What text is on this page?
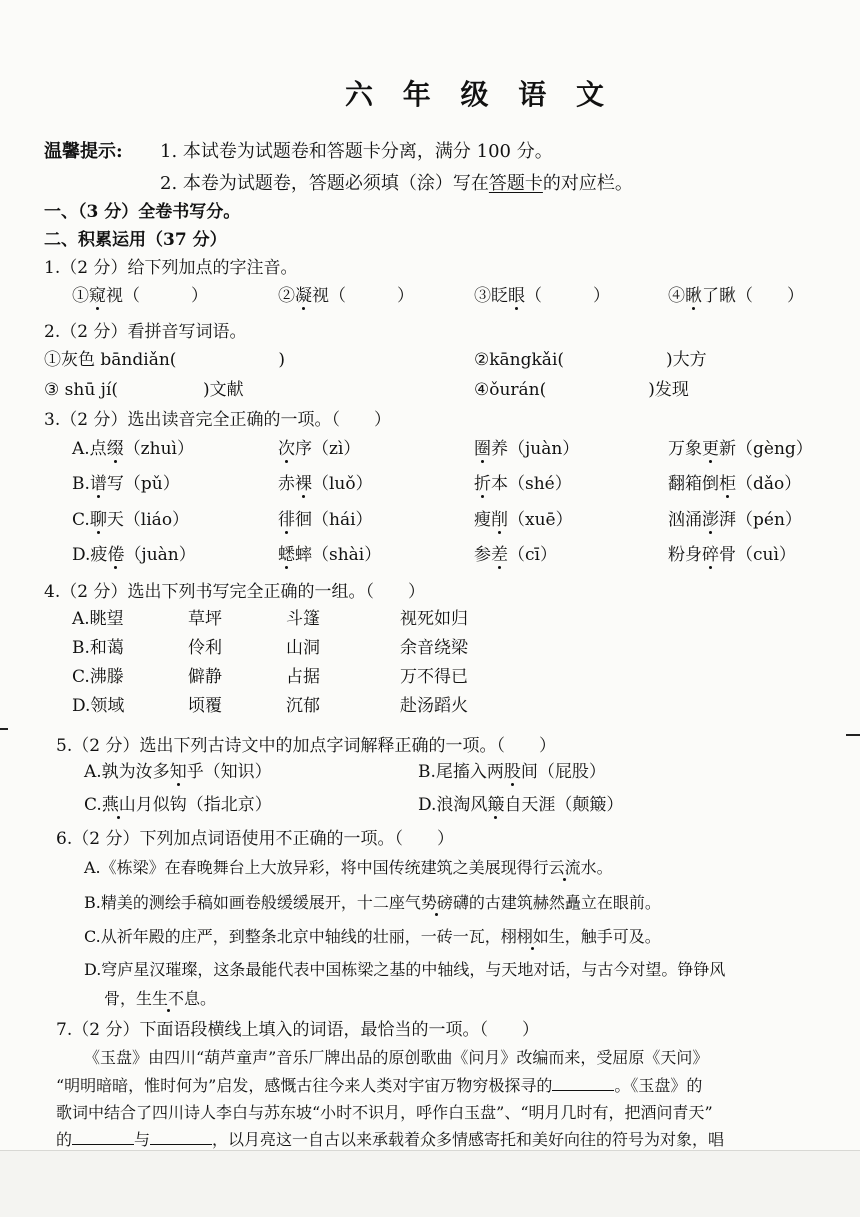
六 年 级 语 文
温馨提示: 1. 本试卷为试题卷和答题卡分离，满分 100 分。
2. 本卷为试题卷，答题必须填（涂）写在答题卡的对应栏。
一、（3 分）全卷书写分。
二、积累运用（37 分）
1.（2 分）给下列加点的字注音。
①窥视（　　　）	②凝视（　　　）	③眨眼（　　　）	④瞅了瞅（　　）
2.（2 分）看拼音写词语。
①灰色 bāndiǎn(　　　　　　)	②kāngkǎi(　　　　　　)大方
③ shū jí(　　　　　)文献	④ǒurán(　　　　　　)发现
3.（2 分）选出读音完全正确的一项。（　　）
A.点缀（zhuì）	次序（zì）	圈养（juàn）	万象更新（gèng）
B.谱写（pǔ）	赤裸（luǒ）	折本（shé）	翻箱倒柜（dǎo）
C.聊天（liáo）	徘徊（hái）	瘦削（xuē）	汹涌澎湃（pén）
D.疲倦（juàn）	蟋蟀（shài）	参差（cī）	粉身碎骨（cuì）
4.（2 分）选出下列书写完全正确的一组。（　　）
A.眺望	草坪	斗篷	视死如归
B.和蔼	伶利	山洞	余音绕梁
C.沸滕	僻静	占据	万不得已
D.领域	顷覆	沉郁	赴汤蹈火
5.（2 分）选出下列古诗文中的加点字词解释正确的一项。（　　）
A.孰为汝多知乎（知识）	B.尾搐入两股间（屁股）
C.燕山月似钩（指北京）	D.浪淘风簸自天涯（颠簸）
6.（2 分）下列加点词语使用不正确的一项。（　　）
A.《栋梁》在春晚舞台上大放异彩，将中国传统建筑之美展现得行云流水。
B.精美的测绘手稿如画卷般缓缓展开，十二座气势磅礴的古建筑赫然矗立在眼前。
C.从祈年殿的庄严，到整条北京中轴线的壮丽，一砖一瓦，栩栩如生，触手可及。
D.穹庐星汉璀璨，这条最能代表中国栋梁之基的中轴线，与天地对话，与古今对望。铮铮风
骨，生生不息。
7.（2 分）下面语段横线上填入的词语，最恰当的一项。（　　）
《玉盘》由四川“葫芦童声”音乐厂牌出品的原创歌曲《问月》改编而来，受屈原《天问》
“明明暗暗，惟时何为”启发，感慨古往今来人类对宇宙万物穷极探寻的	。《玉盘》的
歌词中结合了四川诗人李白与苏东坡“小时不识月，呼作白玉盘”、“明月几时有，把酒问青天”
的	与	，以月亮这一自古以来承载着众多情感寄托和美好向往的符号为对象，唱
